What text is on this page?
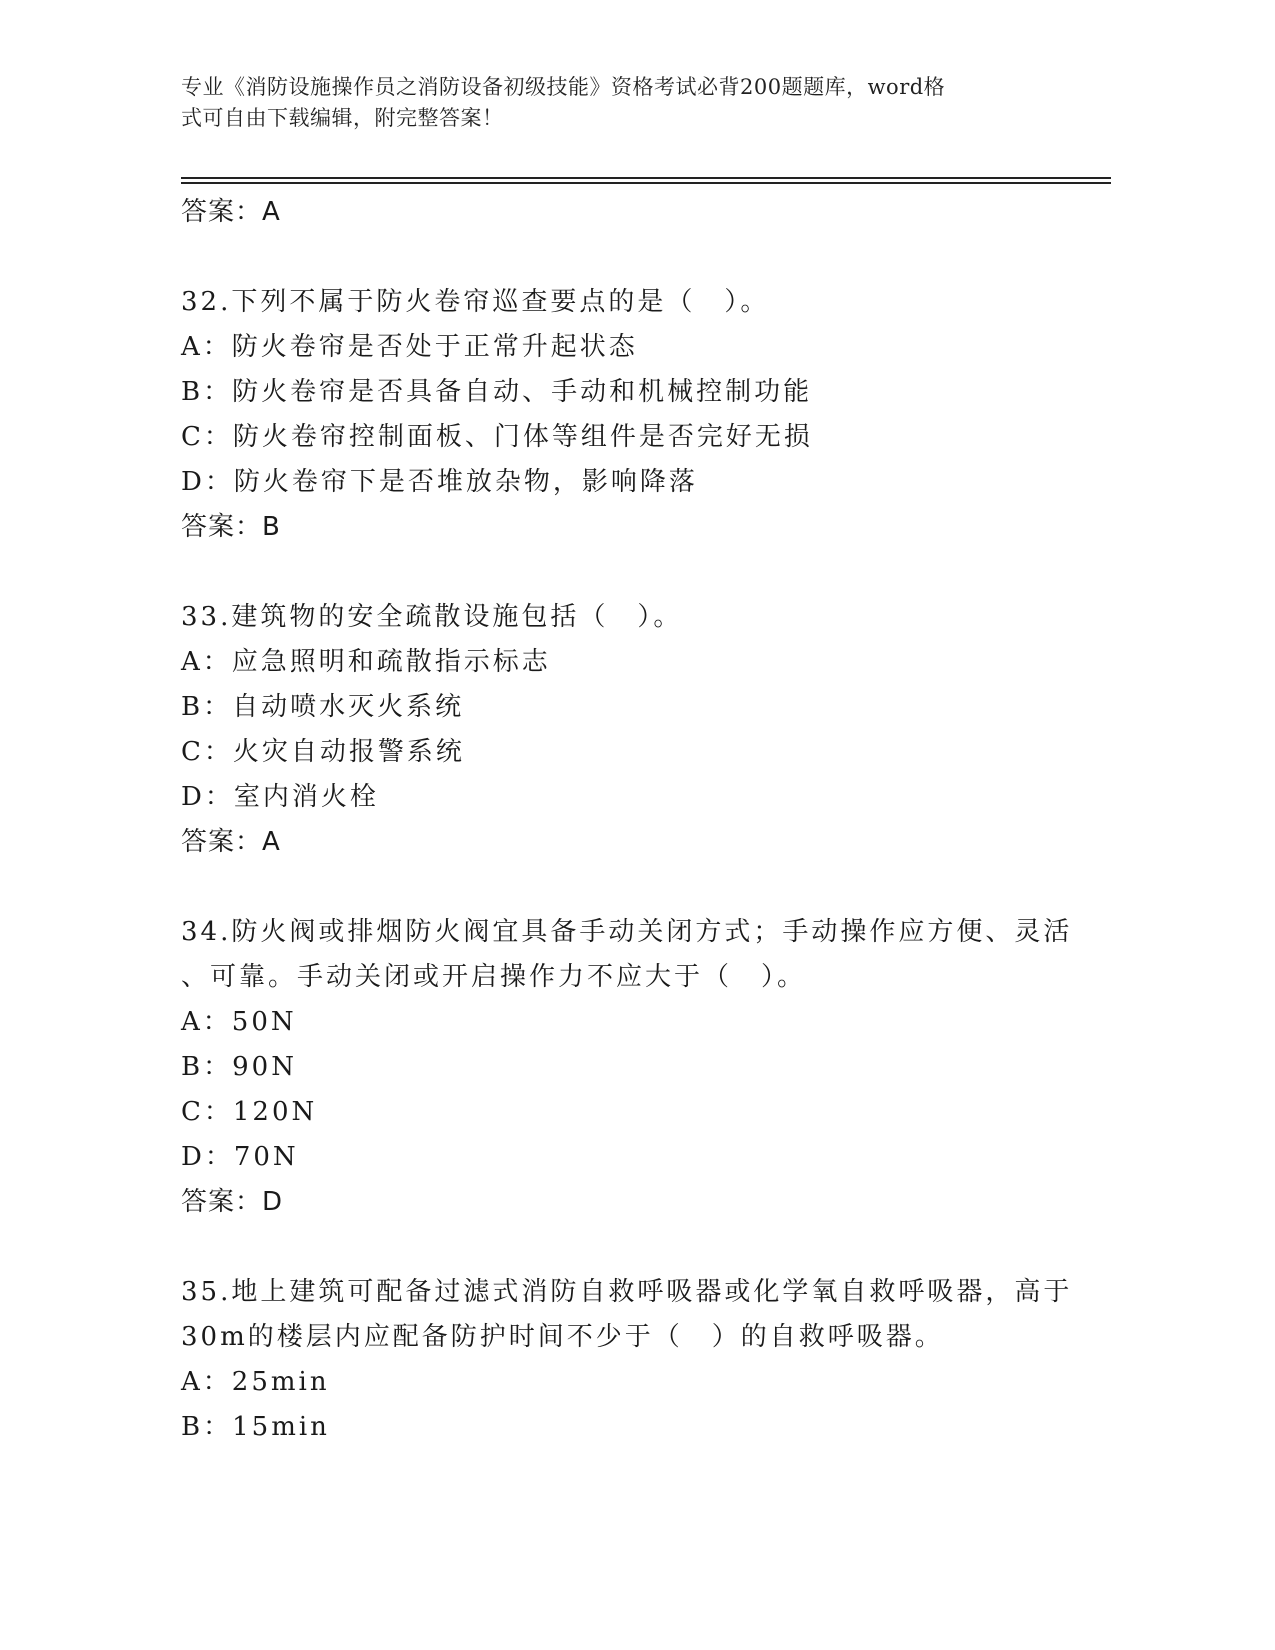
专业《消防设施操作员之消防设备初级技能》资格考试必背200题题库，word格
式可自由下载编辑，附完整答案！
答案：A
32.下列不属于防火卷帘巡查要点的是（　）。
A：防火卷帘是否处于正常升起状态
B：防火卷帘是否具备自动、手动和机械控制功能
C：防火卷帘控制面板、门体等组件是否完好无损
D：防火卷帘下是否堆放杂物，影响降落
答案：B
33.建筑物的安全疏散设施包括（　）。
A：应急照明和疏散指示标志
B：自动喷水灭火系统
C：火灾自动报警系统
D：室内消火栓
答案：A
34.防火阀或排烟防火阀宜具备手动关闭方式；手动操作应方便、灵活
、可靠。手动关闭或开启操作力不应大于（　）。
A：50N
B：90N
C：120N
D：70N
答案：D
35.地上建筑可配备过滤式消防自救呼吸器或化学氧自救呼吸器，高于
30m的楼层内应配备防护时间不少于（　）的自救呼吸器。
A：25min
B：15min
